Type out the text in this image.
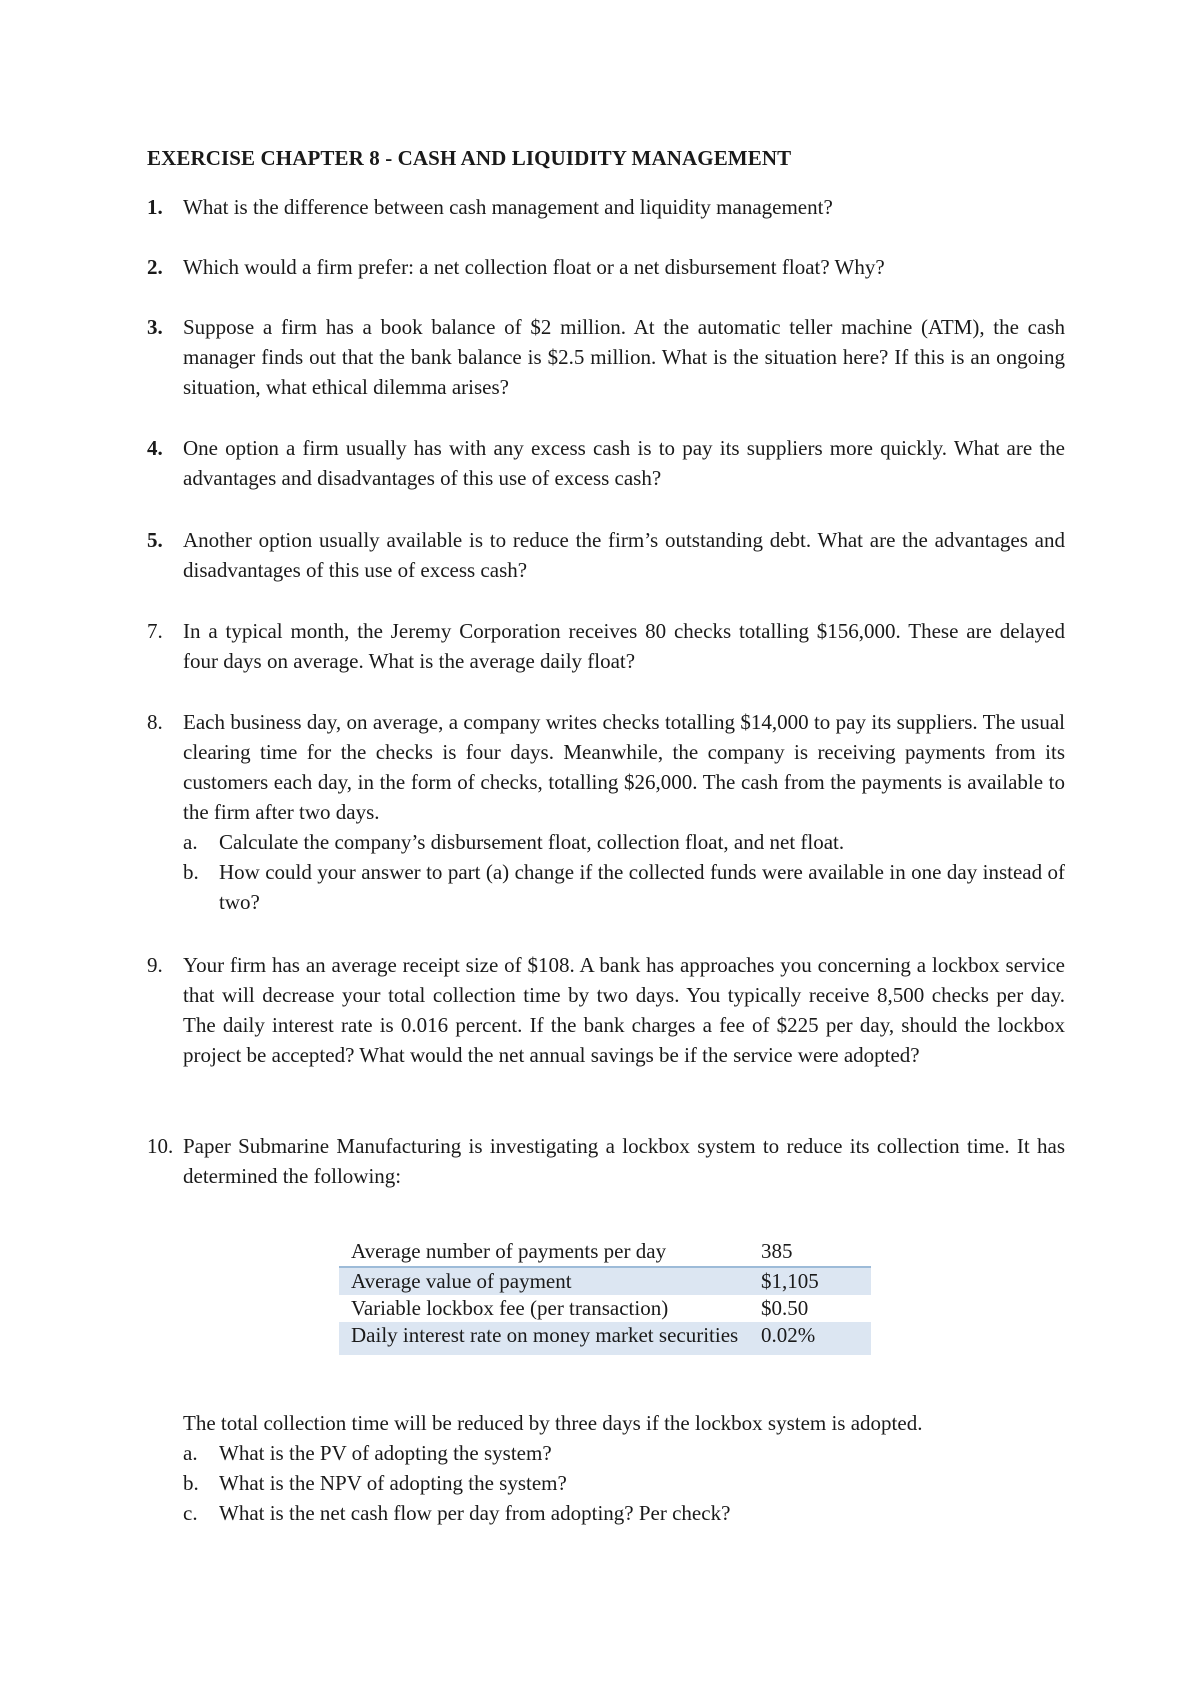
EXERCISE CHAPTER 8 - CASH AND LIQUIDITY MANAGEMENT
1. What is the difference between cash management and liquidity management?
2. Which would a firm prefer: a net collection float or a net disbursement float? Why?
3. Suppose a firm has a book balance of $2 million. At the automatic teller machine (ATM), the cash manager finds out that the bank balance is $2.5 million. What is the situation here? If this is an ongoing situation, what ethical dilemma arises?
4. One option a firm usually has with any excess cash is to pay its suppliers more quickly. What are the advantages and disadvantages of this use of excess cash?
5. Another option usually available is to reduce the firm’s outstanding debt. What are the advantages and disadvantages of this use of excess cash?
7. In a typical month, the Jeremy Corporation receives 80 checks totalling $156,000. These are delayed four days on average. What is the average daily float?
8. Each business day, on average, a company writes checks totalling $14,000 to pay its suppliers. The usual clearing time for the checks is four days. Meanwhile, the company is receiving payments from its customers each day, in the form of checks, totalling $26,000. The cash from the payments is available to the firm after two days.
a. Calculate the company’s disbursement float, collection float, and net float.
b. How could your answer to part (a) change if the collected funds were available in one day instead of two?
9. Your firm has an average receipt size of $108. A bank has approaches you concerning a lockbox service that will decrease your total collection time by two days. You typically receive 8,500 checks per day. The daily interest rate is 0.016 percent. If the bank charges a fee of $225 per day, should the lockbox project be accepted? What would the net annual savings be if the service were adopted?
10. Paper Submarine Manufacturing is investigating a lockbox system to reduce its collection time. It has determined the following:
Average number of payments per day	385
Average value of payment	$1,105
Variable lockbox fee (per transaction)	$0.50
Daily interest rate on money market securities	0.02%
The total collection time will be reduced by three days if the lockbox system is adopted.
a. What is the PV of adopting the system?
b. What is the NPV of adopting the system?
c. What is the net cash flow per day from adopting? Per check?
